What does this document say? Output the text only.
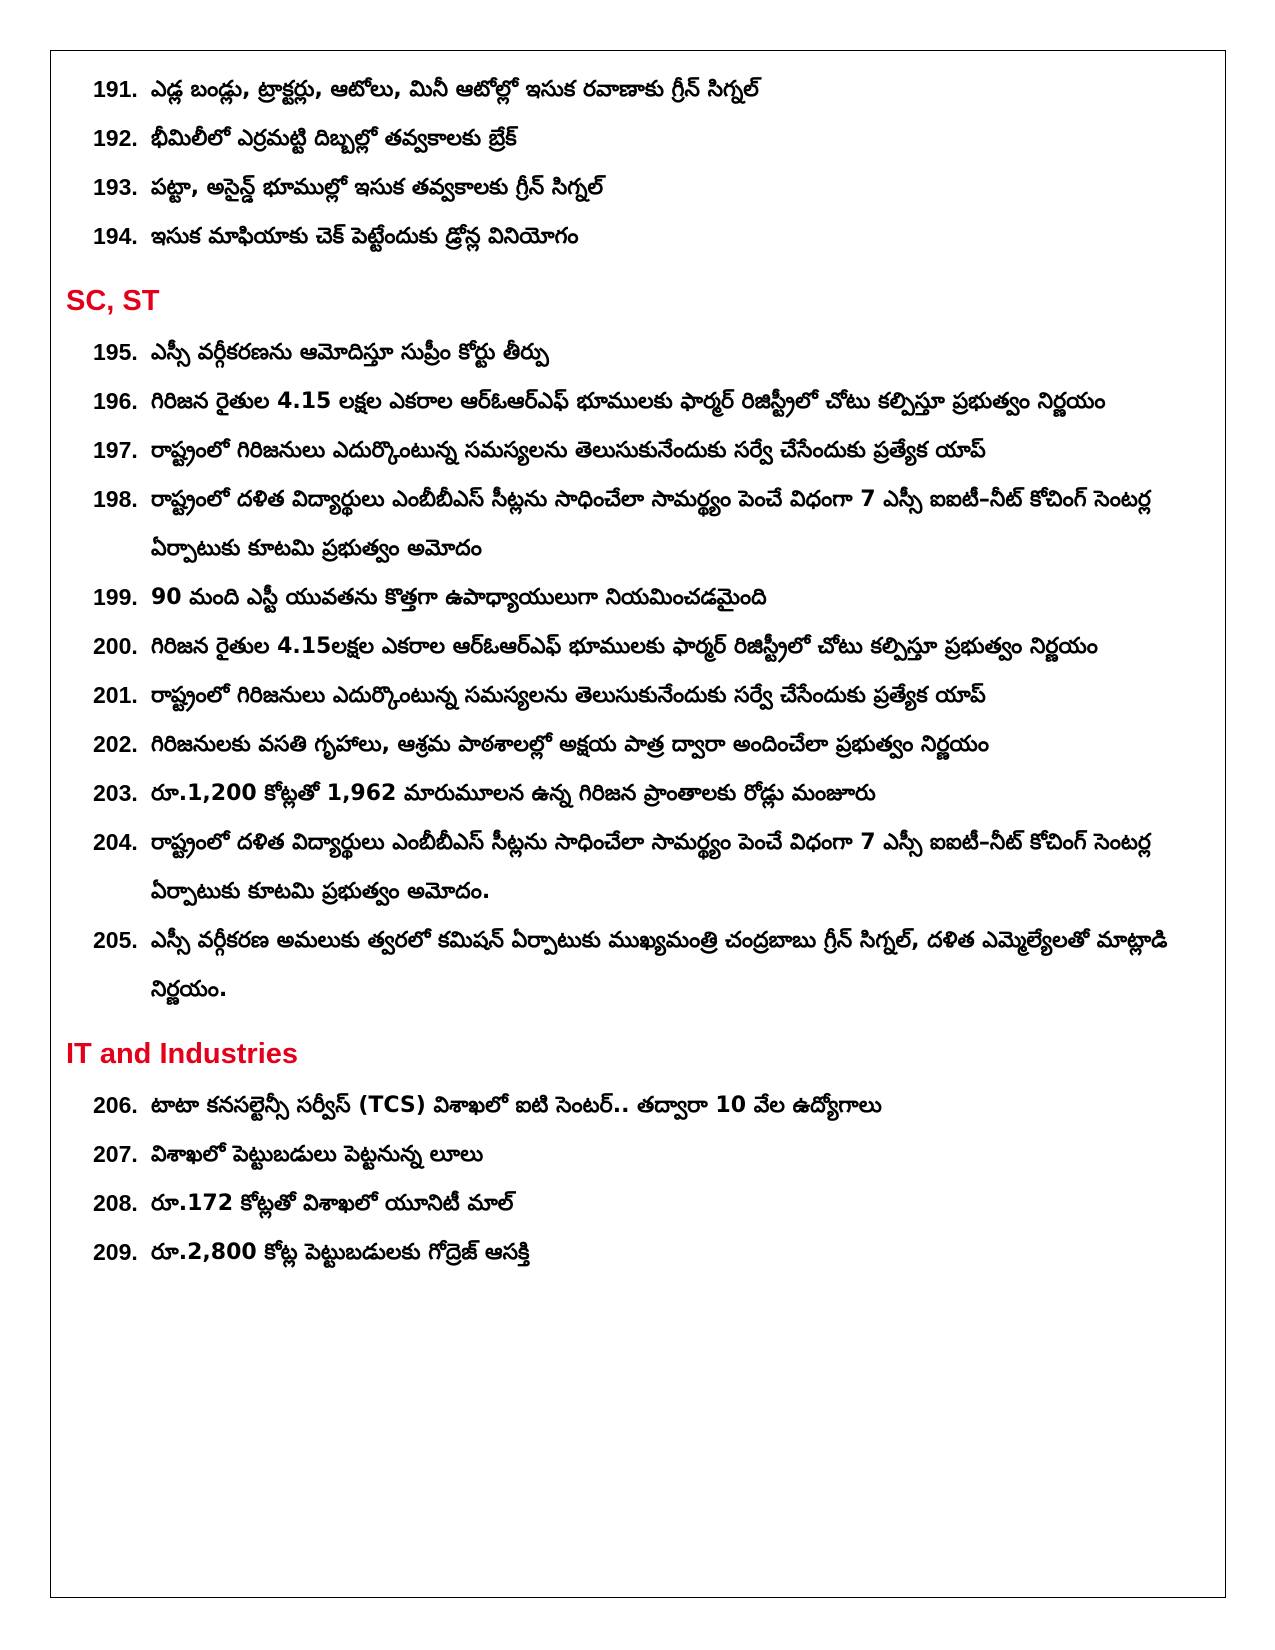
191. ఎడ్ల బండ్లు, ట్రాక్టర్లు, ఆటోలు, మినీ ఆటోల్లో ఇసుక రవాణాకు గ్రీన్ సిగ్నల్
192. భీమిలీలో ఎర్రమట్టి దిబ్బల్లో తవ్వకాలకు బ్రేక్
193. పట్టా, అసైన్డ్ భూముల్లో ఇసుక తవ్వకాలకు గ్రీన్ సిగ్నల్
194. ఇసుక మాఫియాకు చెక్ పెట్టేందుకు డ్రోన్ల వినియోగం
SC, ST
195. ఎస్సీ వర్గీకరణను ఆమోదిస్తూ సుప్రీం కోర్టు తీర్పు
196. గిరిజన రైతుల 4.15 లక్షల ఎకరాల ఆర్ఓఆర్ఎఫ్ భూములకు ఫార్మర్ రిజిస్ట్రీలో చోటు కల్పిస్తూ ప్రభుత్వం నిర్ణయం
197. రాష్ట్రంలో గిరిజనులు ఎదుర్కొంటున్న సమస్యలను తెలుసుకునేందుకు సర్వే చేసేందుకు ప్రత్యేక యాప్
198. రాష్ట్రంలో దళిత విద్యార్థులు ఎంబీబీఎస్ సీట్లను సాధించేలా సామర్థ్యం పెంచే విధంగా 7 ఎస్సీ ఐఐటీ–నీట్ కోచింగ్ సెంటర్ల ఏర్పాటుకు కూటమి ప్రభుత్వం అమోదం
199. 90 మంది ఎస్టీ యువతను కొత్తగా ఉపాధ్యాయులుగా నియమించడమైంది
200. గిరిజన రైతుల 4.15లక్షల ఎకరాల ఆర్ఓఆర్ఎఫ్ భూములకు ఫార్మర్ రిజిస్ట్రీలో చోటు కల్పిస్తూ ప్రభుత్వం నిర్ణయం
201. రాష్ట్రంలో గిరిజనులు ఎదుర్కొంటున్న సమస్యలను తెలుసుకునేందుకు సర్వే చేసేందుకు ప్రత్యేక యాప్
202. గిరిజనులకు వసతి గృహాలు, ఆశ్రమ పాఠశాలల్లో అక్షయ పాత్ర ద్వారా అందించేలా ప్రభుత్వం నిర్ణయం
203. రూ.1,200 కోట్లతో 1,962 మారుమూలన ఉన్న గిరిజన ప్రాంతాలకు రోడ్లు మంజూరు
204. రాష్ట్రంలో దళిత విద్యార్థులు ఎంబీబీఎస్ సీట్లను సాధించేలా సామర్థ్యం పెంచే విధంగా 7 ఎస్సీ ఐఐటీ–నీట్ కోచింగ్ సెంటర్ల ఏర్పాటుకు కూటమి ప్రభుత్వం అమోదం.
205. ఎస్సీ వర్గీకరణ అమలుకు త్వరలో కమిషన్ ఏర్పాటుకు ముఖ్యమంత్రి చంద్రబాబు గ్రీన్ సిగ్నల్, దళిత ఎమ్మెల్యేలతో మాట్లాడి నిర్ణయం.
IT and Industries
206. టాటా కనసల్టెన్సీ సర్వీస్ (TCS) విశాఖలో ఐటి సెంటర్.. తద్వారా 10 వేల ఉద్యోగాలు
207. విశాఖలో పెట్టుబడులు పెట్టనున్న లూలు
208. రూ.172 కోట్లతో విశాఖలో యూనిటీ మాల్
209. రూ.2,800 కోట్ల పెట్టుబడులకు గోద్రెజ్ ఆసక్తి
